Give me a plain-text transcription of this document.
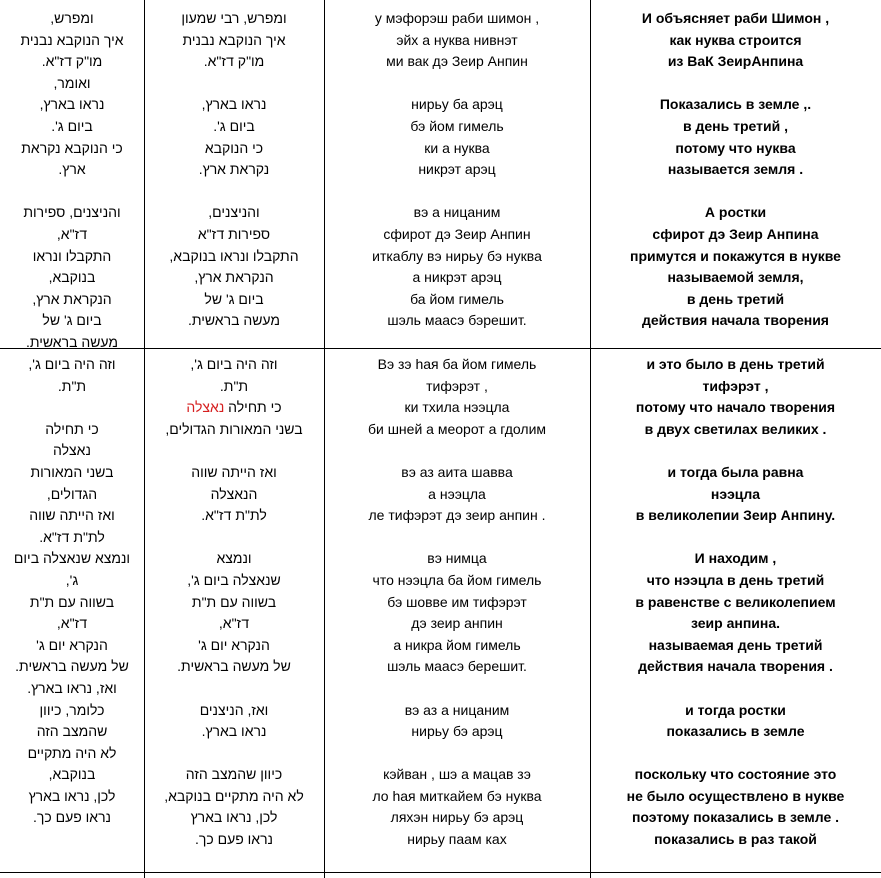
ומפרש,
איך הנוקבא נבנית
מו"ק דז"א.
ואומר,
נראו בארץ,
ביום ג'.
כי הנוקבא נקראת
ארץ.
והניצנים, ספירות
דז"א,
התקבלו ונראו
בנוקבא,
הנקראת ארץ,
ביום ג' של
מעשה בראשית.
ומפרש, רבי שמעון
איך הנוקבא נבנית
מו"ק דז"א.
נראו בארץ,
ביום ג'.
כי הנוקבא
נקראת ארץ.
והניצנים,
ספירות דז"א
התקבלו ונראו בנוקבא,
הנקראת ארץ,
ביום ג' של
מעשה בראשית.
у мэфорэш раби шимон ,
эйх а нуква нивнэт
ми вак дэ Зеир Анпин
нирьу ба арэц
бэ йом гимель
ки а нуква
никрэт арэц
вэ а ницаним
сфирот дэ Зеир Анпин
иткаблу вэ нирьу бэ нуква
а никрэт арэц
ба йом гимель
шэль маасэ бэрешит.
И объясняет раби Шимон ,
как нуква строится
из ВаК ЗеирАнпина
Показались в земле ,.
в день третий ,
потому что нуква
называется земля .
А ростки
сфирот дэ Зеир Анпина
примутся и покажутся в нукве
называемой земля,
в день третий
действия начала творения
וזה היה ביום ג',
ת"ת.
כי תחילה
נאצלה
בשני המאורות
הגדולים,
ואז הייתה שווה
לת"ת דז"א.
ונמצא שנאצלה ביום
ג',
בשווה עם ת"ת
דז"א,
הנקרא יום ג'
של מעשה בראשית.
ואז, נראו בארץ.
כלומר, כיוון
שהמצב הזה
לא היה מתקיים
בנוקבא,
לכן, נראו בארץ
נראו פעם כך.
וזה היה ביום ג',
ת"ת.
כי תחילה נאצלה
בשני המאורות הגדולים,
ואז הייתה שווה
הנאצלה
לת"ת דז"א.
ונמצא
שנאצלה ביום ג',
בשווה עם ת"ת
דז"א,
הנקרא יום ג'
של מעשה בראשית.
ואז, הניצנים
נראו בארץ.
כיוון שהמצב הזה
לא היה מתקיים בנוקבא,
לכן, נראו בארץ
נראו פעם כך.
Вэ зэ hая ба йом гимель
тифэрэт ,
ки тхила нээцла
би шней а меорот а гдолим
вэ аз аита шавва
а нээцла
ле тифэрэт дэ зеир анпин .
вэ нимца
что нээцла ба йом гимель
бэ шовве им тифэрэт
дэ зеир анпин
а никра йом гимель
шэль маасэ берешит.
вэ аз а ницаним
нирьу бэ арэц
кэйван , шэ а мацав зэ
ло hая миткайем бэ нуква
ляхэн нирьу бэ арэц
нирьу паам ках
и это было в день третий
тифэрэт ,
потому что начало творения
в двух светилах великих .
и тогда была равна
нээцла
в великолепии Зеир Анпину.
И находим ,
что нээцла в день третий
в равенстве с великолепием
зеир анпина.
называемая день третий
действия начала творения .
и тогда ростки
показались в земле
поскольку что состояние это
не было осуществлено в нукве
поэтому показались в земле .
показались в раз такой
